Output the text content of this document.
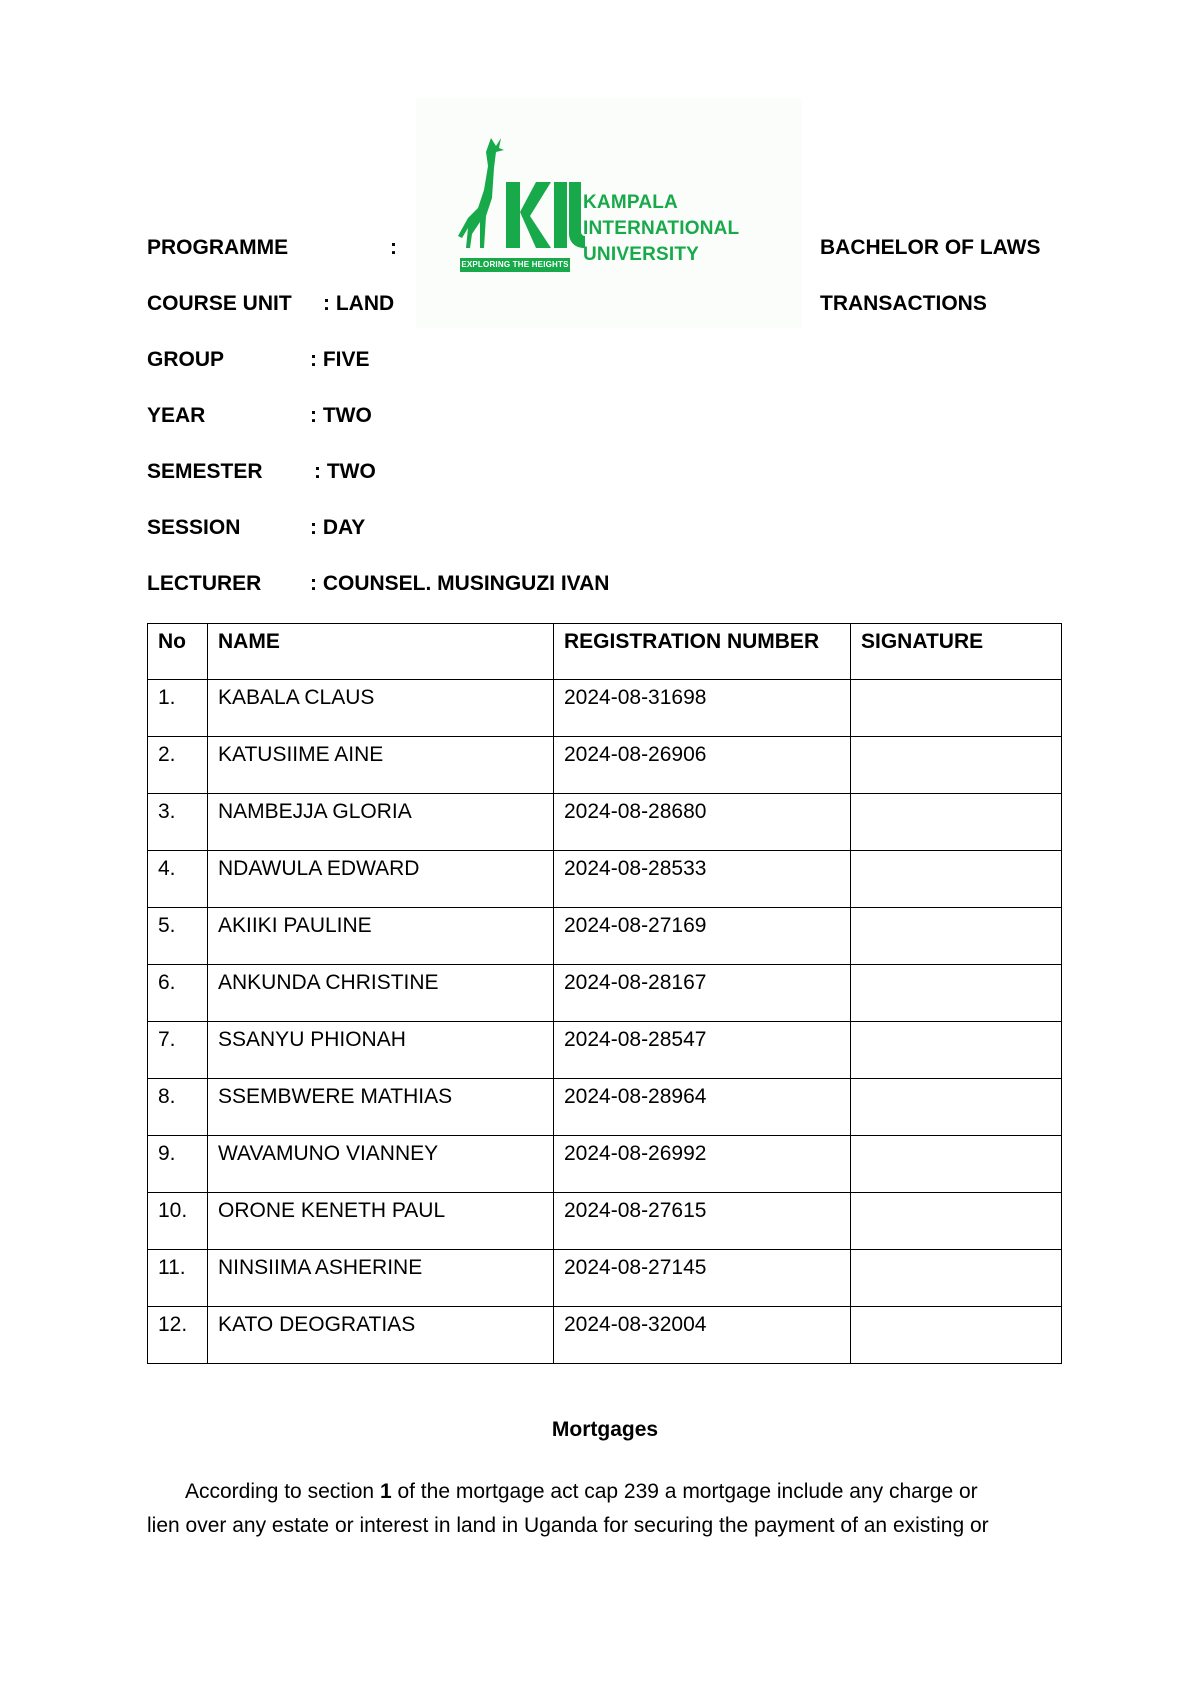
KAMPALA
INTERNATIONAL
UNIVERSITY
EXPLORING THE HEIGHTS
PROGRAMME	:	BACHELOR OF LAWS
COURSE UNIT : LAND	TRANSACTIONS
GROUP	: FIVE
YEAR	: TWO
SEMESTER : TWO
SESSION	: DAY
LECTURER : COUNSEL. MUSINGUZI IVAN
No	NAME	REGISTRATION NUMBER	SIGNATURE
1.	KABALA CLAUS	2024-08-31698	
2.	KATUSIIME AINE	2024-08-26906	
3.	NAMBEJJA GLORIA	2024-08-28680	
4.	NDAWULA EDWARD	2024-08-28533	
5.	AKIIKI PAULINE	2024-08-27169	
6.	ANKUNDA CHRISTINE	2024-08-28167	
7.	SSANYU PHIONAH	2024-08-28547	
8.	SSEMBWERE MATHIAS	2024-08-28964	
9.	WAVAMUNO VIANNEY	2024-08-26992	
10.	ORONE KENETH PAUL	2024-08-27615	
11.	NINSIIMA ASHERINE	2024-08-27145	
12.	KATO DEOGRATIAS	2024-08-32004	
Mortgages

According to section 1 of the mortgage act cap 239 a mortgage include any charge or

lien over any estate or interest in land in Uganda for securing the payment of an existing or
